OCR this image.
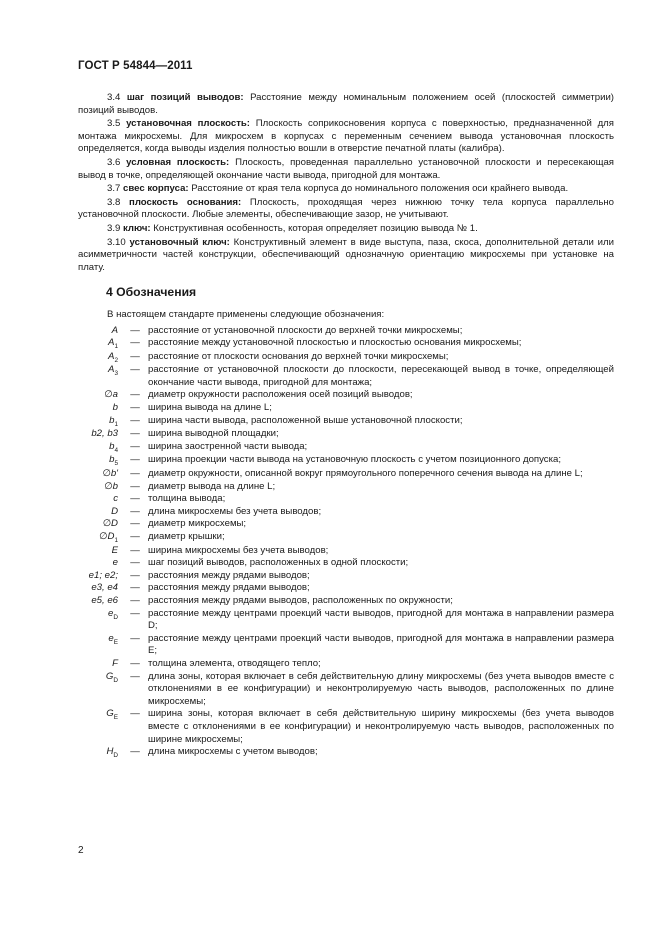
ГОСТ Р 54844—2011

3.4 шаг позиций выводов: Расстояние между номинальным положением осей (плоскостей симметрии) позиций выводов.

3.5 установочная плоскость: Плоскость соприкосновения корпуса с поверхностью, предназначенной для монтажа микросхемы. Для микросхем в корпусах с переменным сечением вывода установочная плоскость определяется, когда выводы изделия полностью вошли в отверстие печатной платы (калибра).

3.6 условная плоскость: Плоскость, проведенная параллельно установочной плоскости и пересекающая вывод в точке, определяющей окончание части вывода, пригодной для монтажа.

3.7 свес корпуса: Расстояние от края тела корпуса до номинального положения оси крайнего вывода.

3.8 плоскость основания: Плоскость, проходящая через нижнюю точку тела корпуса параллельно установочной плоскости. Любые элементы, обеспечивающие зазор, не учитывают.

3.9 ключ: Конструктивная особенность, которая определяет позицию вывода № 1.

3.10 установочный ключ: Конструктивный элемент в виде выступа, паза, скоса, дополнительной детали или асимметричности частей конструкции, обеспечивающий однозначную ориентацию микросхемы при установке на плату.

4 Обозначения
В настоящем стандарте применены следующие обозначения:
A	— расстояние от установочной плоскости до верхней точки микросхемы;
$A_1$	— расстояние между установочной плоскостью и плоскостью основания микросхемы;
$A_2$	— расстояние от плоскости основания до верхней точки микросхемы;
$A_3$	— расстояние от установочной плоскости до плоскости, пересекающей вывод в точке, определяющей окончание части вывода, пригодной для монтажа;
∅a	— диаметр окружности расположения осей позиций выводов;
b	— ширина вывода на длине L;
$b_1$	— ширина части вывода, расположенной выше установочной плоскости;
b2, b3	— ширина выводной площадки;
$b_4$	— ширина заостренной части вывода;
$b_5$	— ширина проекции части вывода на установочную плоскость с учетом позиционного допуска;
∅b'	— диаметр окружности, описанной вокруг прямоугольного поперечного сечения вывода на длине L;
∅b	— диаметр вывода на длине L;
c	— толщина вывода;
D	— длина микросхемы без учета выводов;
∅D	— диаметр микросхемы;
$\emptyset D_1$	— диаметр крышки;
E	— ширина микросхемы без учета выводов;
e	— шаг позиций выводов, расположенных в одной плоскости;
e1; e2;	— расстояния между рядами выводов;
e3, e4	— расстояния между рядами выводов;
e5, e6	— расстояния между рядами выводов, расположенных по окружности;
$e_D$	— расстояние между центрами проекций части выводов, пригодной для монтажа в направлении размера D;
$e_E$	— расстояние между центрами проекций части выводов, пригодной для монтажа в направлении размера E;
F	— толщина элемента, отводящего тепло;
$G_D$	— длина зоны, которая включает в себя действительную длину микросхемы (без учета выводов вместе с отклонениями в ее конфигурации) и неконтролируемую часть выводов, расположенных по длине микросхемы;
$G_E$	— ширина зоны, которая включает в себя действительную ширину микросхемы (без учета выводов вместе с отклонениями в ее конфигурации) и неконтролируемую часть выводов, расположенных по ширине микросхемы;
$H_D$	— длина микросхемы с учетом выводов;
2
